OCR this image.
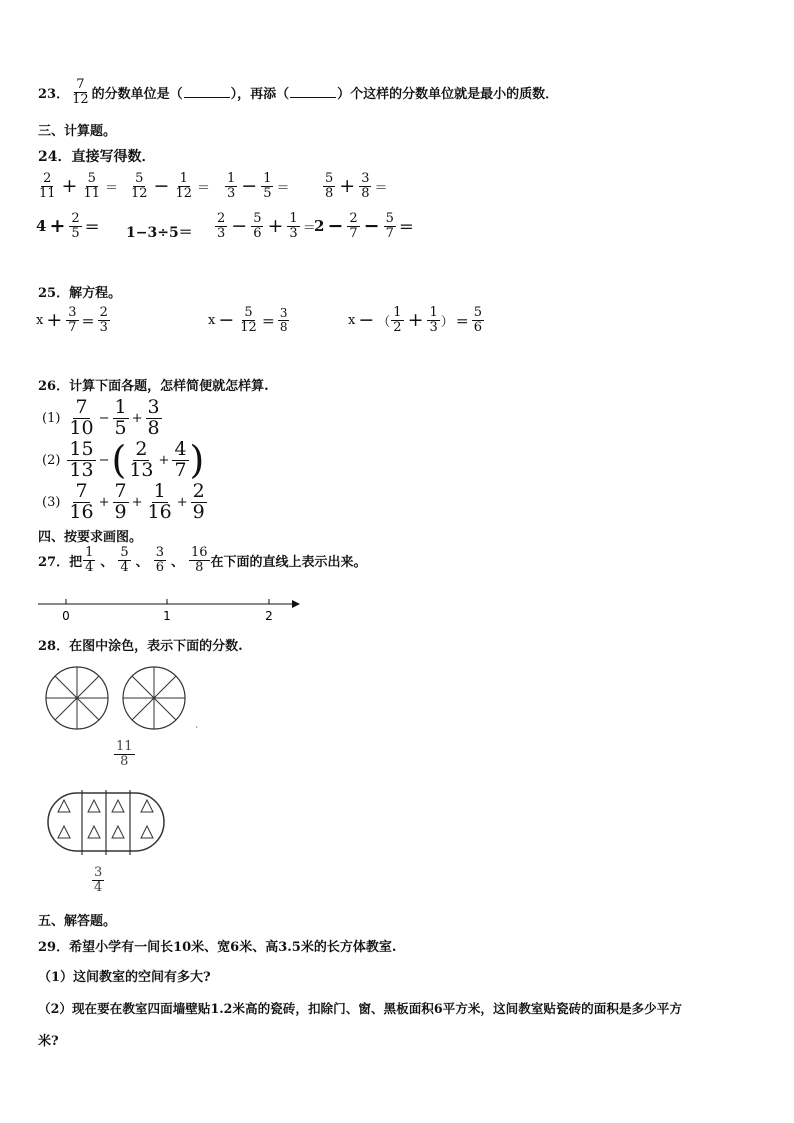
23． $\frac{7}{12}$ 的分数单位是（	），再添（	）个这样的分数单位就是最小的质数．
三、计算题。
24．直接写得数．
$\frac{2}{11} + \frac{5}{11} = \frac{5}{12} - \frac{1}{12} = \frac{1}{3} - \frac{1}{5}$ ＝	$\frac{5}{8} + \frac{3}{8}$ ＝
$4 + \frac{2}{5} = 1-3\div 5= \frac{2}{3} - \frac{5}{6} + \frac{1}{3}$ ＝
$2 - \frac{2}{7} - \frac{5}{7}$ ＝
25．解方程。
$x + \frac{3}{7} = \frac{2}{3}$	$x - \frac{5}{12} = \frac{3}{8}$	x − （ $\frac{1}{2} + \frac{1}{3}$ ） ＝ $\frac{5}{6}$
26．计算下面各题，怎样简便就怎样算.
$(1) \frac{7}{10} - \frac{1}{5} + \frac{3}{8}$
$(2) \frac{15}{13}$ − ( $\frac{2}{13} + \frac{4}{7}$ )
$(3) \frac{7}{16} + \frac{7}{9} + \frac{1}{16} + \frac{2}{9}$
四、按要求画图。
27．把 $\frac{1}{4}$ 、 $\frac{5}{4}$ 、 $\frac{3}{6}$ 、 $\frac{16}{8}$ 在下面的直线上表示出来。
0	1	2
28．在图中涂色，表示下面的分数.
$\frac{11}{8}$
$\frac{3}{4}$
五、解答题。
29．希望小学有一间长10米、宽6米、高3.5米的长方体教室.
（1）这间教室的空间有多大?
（2）现在要在教室四面墙壁贴1.2米高的瓷砖，扣除门、窗、黑板面积6平方米，这间教室贴瓷砖的面积是多少平方
米?
